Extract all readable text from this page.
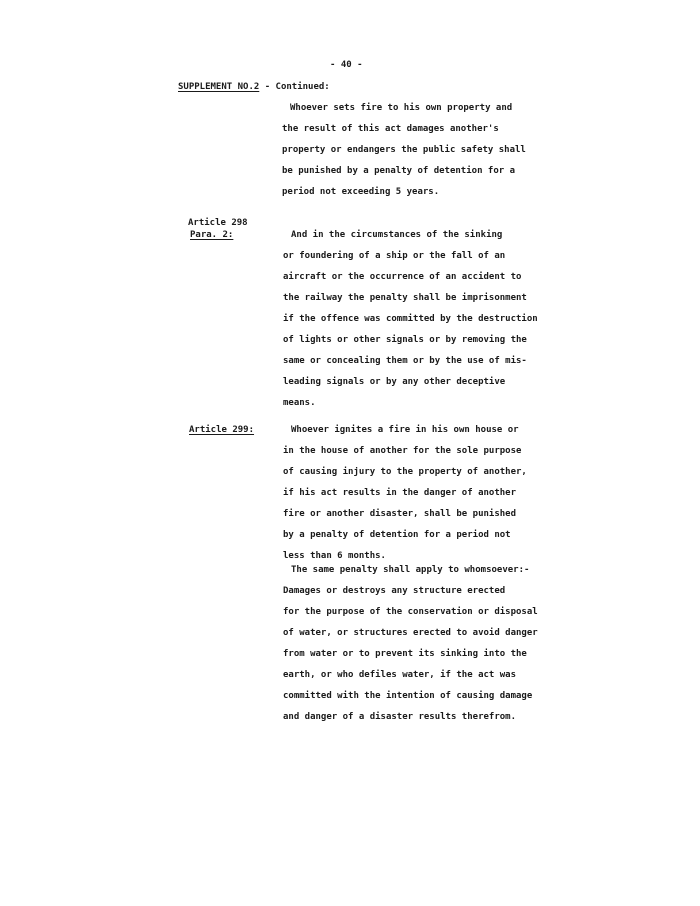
- 40 -
SUPPLEMENT NO.2 - Continued:
Whoever sets fire to his own property and
the result of this act damages another's
property or endangers the public safety shall
be punished by a penalty of detention for a
period not exceeding 5 years.
Article 298
Para. 2:	And in the circumstances of the sinking
or foundering of a ship or the fall of an
aircraft or the occurrence of an accident to
the railway the penalty shall be imprisonment
if the offence was committed by the destruction
of lights or other signals or by removing the
same or concealing them or by the use of mis-
leading signals or by any other deceptive
means.
Article 299:	Whoever ignites a fire in his own house or
in the house of another for the sole purpose
of causing injury to the property of another,
if his act results in the danger of another
fire or another disaster, shall be punished
by a penalty of detention for a period not
less than 6 months.
The same penalty shall apply to whomsoever:-
Damages or destroys any structure erected
for the purpose of the conservation or disposal
of water, or structures erected to avoid danger
from water or to prevent its sinking into the
earth, or who defiles water, if the act was
committed with the intention of causing damage
and danger of a disaster results therefrom.
